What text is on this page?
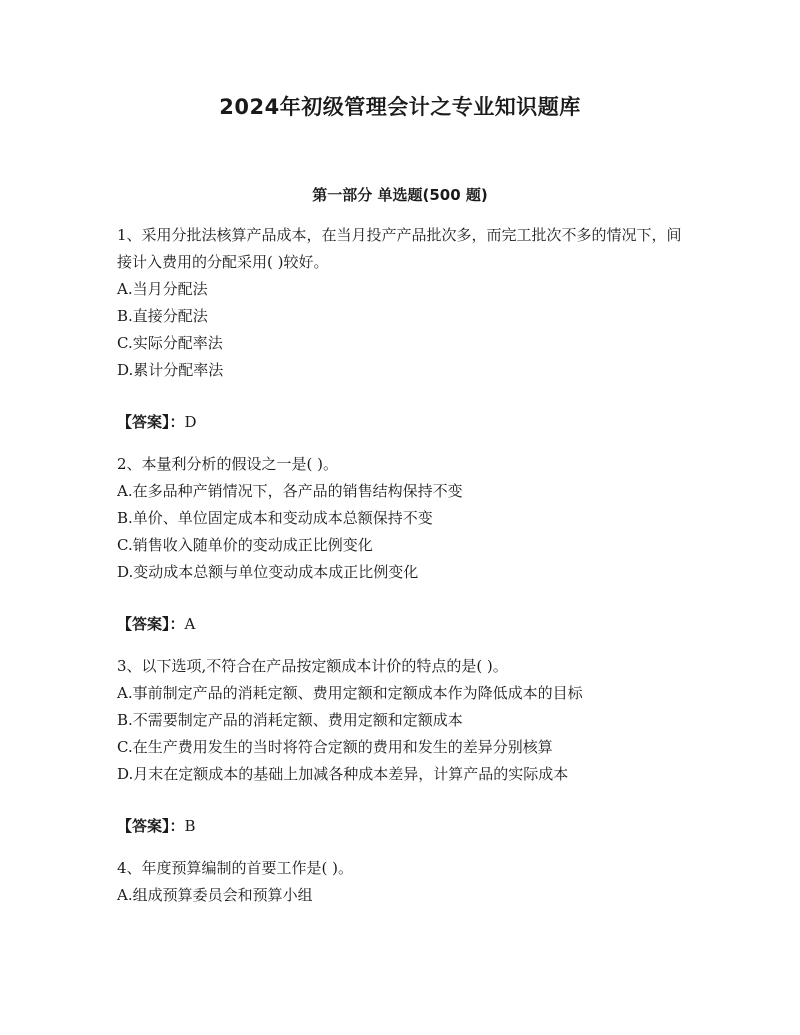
2024年初级管理会计之专业知识题库
第一部分 单选题(500 题)
1、采用分批法核算产品成本，在当月投产产品批次多，而完工批次不多的情况下，间接计入费用的分配采用( )较好。
A.当月分配法
B.直接分配法
C.实际分配率法
D.累计分配率法
【答案】：D
2、本量利分析的假设之一是( )。
A.在多品种产销情况下，各产品的销售结构保持不变
B.单价、单位固定成本和变动成本总额保持不变
C.销售收入随单价的变动成正比例变化
D.变动成本总额与单位变动成本成正比例变化
【答案】：A
3、以下选项,不符合在产品按定额成本计价的特点的是( )。
A.事前制定产品的消耗定额、费用定额和定额成本作为降低成本的目标
B.不需要制定产品的消耗定额、费用定额和定额成本
C.在生产费用发生的当时将符合定额的费用和发生的差异分别核算
D.月末在定额成本的基础上加减各种成本差异，计算产品的实际成本
【答案】：B
4、年度预算编制的首要工作是( )。
A.组成预算委员会和预算小组
